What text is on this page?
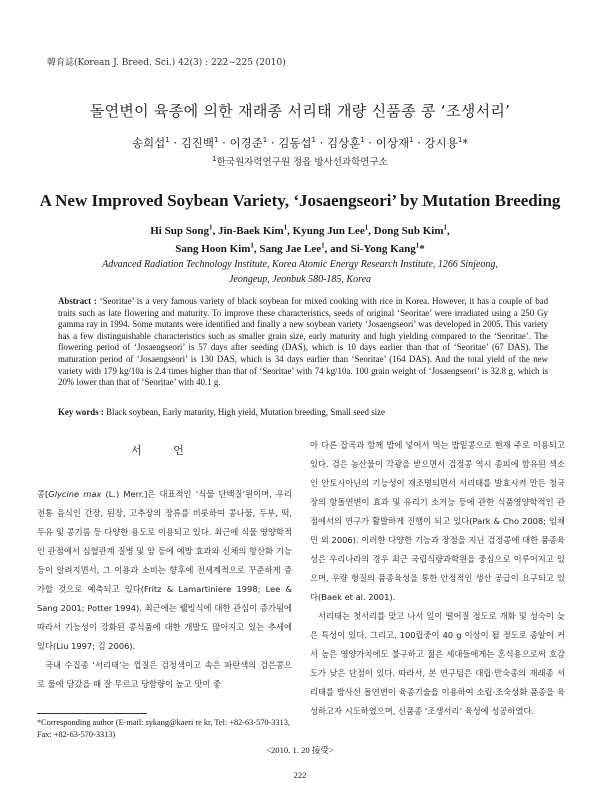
韓育誌(Korean J. Breed. Sci.) 42(3) : 222∼225 (2010)
돌연변이 육종에 의한 재래종 서리태 개량 신품종 콩 ‘조생서리’
송희섭$^1$ · 김진백$^1$ · 이경준$^1$ · 김동섭$^1$ · 김상훈$^1$ · 이상재$^1$ · 강시용$^1$*
$^1$한국원자력연구원 정읍 방사선과학연구소
A New Improved Soybean Variety, ‘Josaengseori’ by Mutation Breeding
Hi Sup Song$^1$, Jin-Baek Kim$^1$, Kyung Jun Lee$^1$, Dong Sub Kim$^1$,
Sang Hoon Kim$^1$, Sang Jae Lee$^1$, and Si-Yong Kang$^1$*
Advanced Radiation Technology Institute, Korea Atomic Energy Research Institute, 1266 Sinjeong,
Jeongeup, Jeonbuk 580-185, Korea
Abstract : ‘Seoritae’ is a very famous variety of black soybean for mixed cooking with rice in Korea. However, it has a couple of bad traits such as late flowering and maturity. To improve these characteristics, seeds of original ‘Seoritae’ were irradiated using a 250 Gy gamma ray in 1994. Some mutants were identified and finally a new soybean variety ‘Josaengseori’ was developed in 2005. This variety has a few distinguishable characteristics such as smaller grain size, early maturity and high yielding compared to the ‘Seoritae’. The flowering period of ‘Josaengseori’ is 57 days after seeding (DAS), which is 10 days earlier than that of ‘Seoritae’ (67 DAS). The maturation period of ‘Josaengseori’ is 130 DAS, which is 34 days earlier than ‘Seoritae’ (164 DAS). And the total yield of the new variety with 179 kg/10a is 2.4 times higher than that of ‘Seoritae’ with 74 kg/10a. 100 grain weight of ‘Josaengseori’ is 32.8 g, which is 20% lower than that of ‘Seoritae’ with 40.1 g.
Key words : Black soybean, Early maturity, High yield, Mutation breeding, Small seed size
서 언

콩[Glycine max (L.) Merr.]은 대표적인 ‘식물 단백질’원이며, 우리 전통 음식인 간장, 된장, 고추장의 장류를 비롯하여 콩나물, 두부, 떡, 두유 및 콩기름 등 다양한 용도로 이용되고 있다. 최근에 식물 영양학적인 관점에서 심혈관계 질병 및 암 등에 예방 효과와 신체의 항산화 기능 등이 알려지면서, 그 이용과 소비는 향후에 전세계적으로 꾸준하게 증가할 것으로 예측되고 있다(Fritz & Lamartiniere 1998; Lee & Sang 2001; Potter 1994). 최근에는 웰빙식에 대한 관심이 증가됨에 따라서 기능성이 강화된 콩식품에 대한 개발도 많아지고 있는 추세에 있다(Liu 1997; 김 2006).

국내 수집종 ‘서리태’는 껍질은 검정색이고 속은 파란색의 검은콩으로 물에 담갔을 때 잘 무르고 당함량이 높고 맛이 좋

아 다른 잡곡과 함께 밥에 넣어서 먹는 밥밑콩으로 현재 주로 이용되고 있다. 검은 농산물이 각광을 받으면서 검정콩 역시 종피에 함유된 색소인 안토시아닌의 기능성이 재조명되면서 서리태를 발효시켜 만든 청국장의 항돌연변이 효과 및 유리기 소거능 등에 관한 식품영양학적인 관점에서의 연구가 활발하게 진행이 되고 있다(Park & Cho 2008; 임채민 외 2006). 이러한 다양한 기능과 장점을 지닌 검정콩에 대한 품종육성은 우리나라의 경우 최근 국립식량과학원을 중심으로 이루어지고 있으며, 우량 형질의 품종육성을 통한 안정적인 생산 공급이 요구되고 있다(Baek et al. 2001).

서리태는 첫서리를 맞고 나서 잎이 떨어질 정도로 개화 및 성숙이 늦은 특성이 있다. 그리고, 100립중이 40 g 이상이 될 정도로 종알이 커서 높은 영양가치에도 불구하고 젊은 세대들에게는 혼식용으로써 호감도가 낮은 단점이 있다. 따라서, 본 연구팀은 대립·만숙종의 재래종 서리태를 방사선 돌연변이 육종기술을 이용하여 소립·조숙성화 품종을 육성하고자 시도하였으며, 신품종 ‘조생서리’ 육성에 성공하였다.

*Corresponding author (E-mail: sykang@kaeri re kr, Tel: +82-63-570-3313, Fax: +82-63-570-3313)
<2010. 1. 20 接受>
222
